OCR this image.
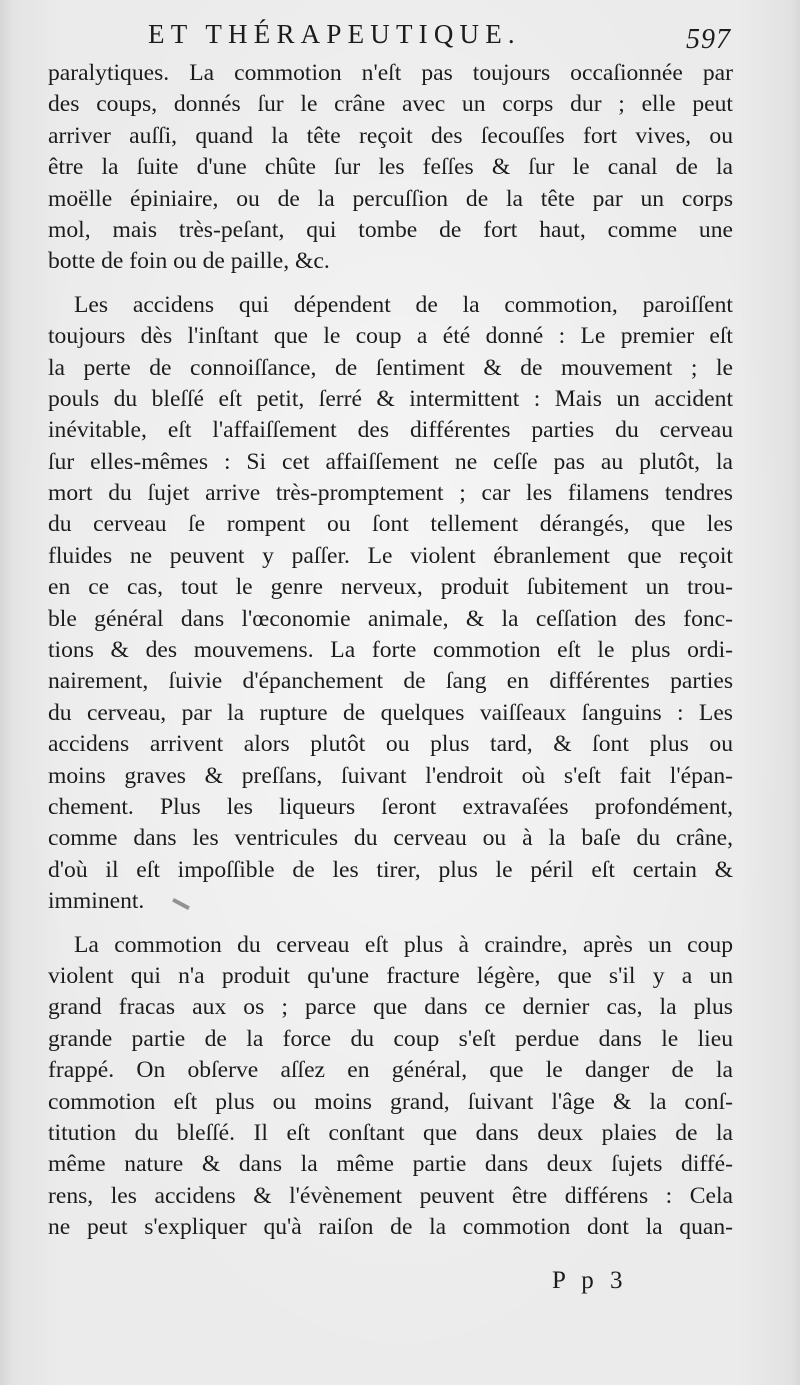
ET THÉRAPEUTIQUE.	597
paralytiques. La commotion n'eſt pas toujours occaſionnée par
des coups, donnés ſur le crâne avec un corps dur ; elle peut
arriver auſſi, quand la tête reçoit des ſecouſſes fort vives, ou
être la ſuite d'une chûte ſur les feſſes & ſur le canal de la
moëlle épiniaire, ou de la percuſſion de la tête par un corps
mol, mais très-peſant, qui tombe de fort haut, comme une
botte de foin ou de paille, &c.
Les accidens qui dépendent de la commotion, paroiſſent
toujours dès l'inſtant que le coup a été donné : Le premier eſt
la perte de connoiſſance, de ſentiment & de mouvement ; le
pouls du bleſſé eſt petit, ſerré & intermittent : Mais un accident
inévitable, eſt l'affaiſſement des différentes parties du cerveau
ſur elles-mêmes : Si cet affaiſſement ne ceſſe pas au plutôt, la
mort du ſujet arrive très-promptement ; car les filamens tendres
du cerveau ſe rompent ou ſont tellement dérangés, que les
fluides ne peuvent y paſſer. Le violent ébranlement que reçoit
en ce cas, tout le genre nerveux, produit ſubitement un trou-
ble général dans l'œconomie animale, & la ceſſation des fonc-
tions & des mouvemens. La forte commotion eſt le plus ordi-
nairement, ſuivie d'épanchement de ſang en différentes parties
du cerveau, par la rupture de quelques vaiſſeaux ſanguins : Les
accidens arrivent alors plutôt ou plus tard, & ſont plus ou
moins graves & preſſans, ſuivant l'endroit où s'eſt fait l'épan-
chement. Plus les liqueurs ſeront extravaſées profondément,
comme dans les ventricules du cerveau ou à la baſe du crâne,
d'où il eſt impoſſible de les tirer, plus le péril eſt certain &
imminent.
La commotion du cerveau eſt plus à craindre, après un coup
violent qui n'a produit qu'une fracture légère, que s'il y a un
grand fracas aux os ; parce que dans ce dernier cas, la plus
grande partie de la force du coup s'eſt perdue dans le lieu
frappé. On obſerve aſſez en général, que le danger de la
commotion eſt plus ou moins grand, ſuivant l'âge & la conſ-
titution du bleſſé. Il eſt conſtant que dans deux plaies de la
même nature & dans la même partie dans deux ſujets diffé-
rens, les accidens & l'évènement peuvent être différens : Cela
ne peut s'expliquer qu'à raiſon de la commotion dont la quan-
P p 3
